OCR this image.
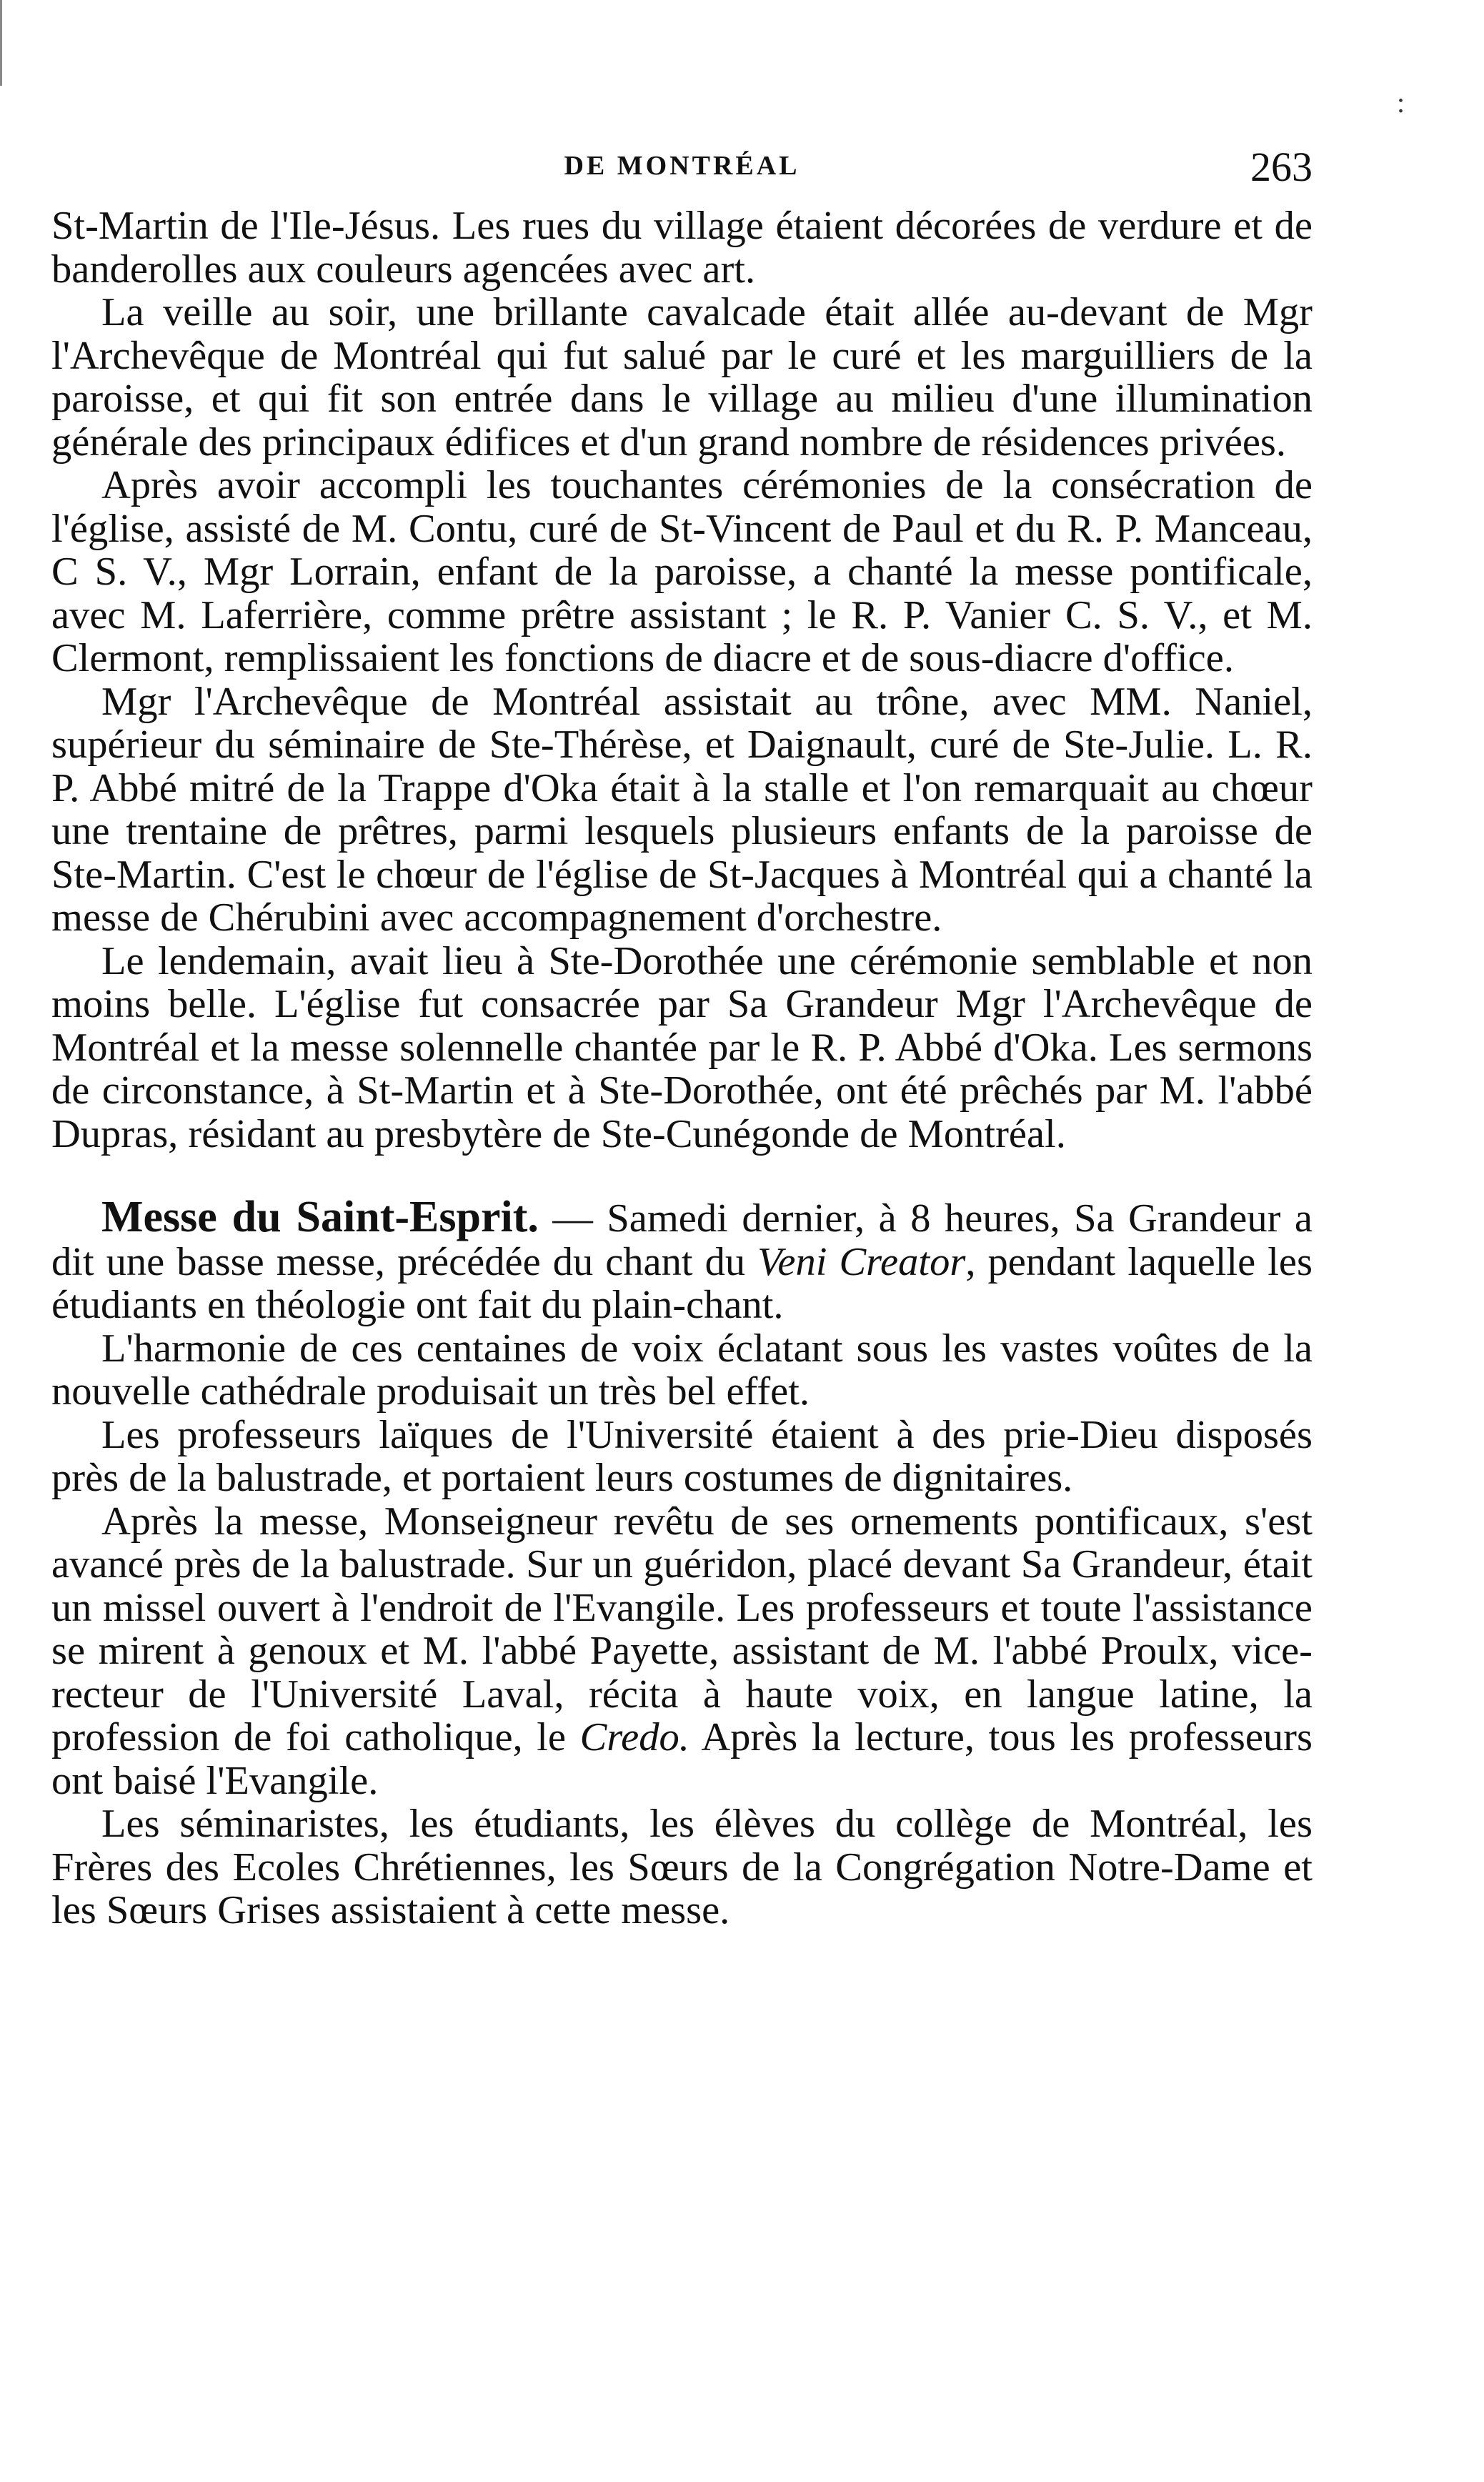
:
DE MONTRÉAL	263

St-Martin de l'Ile-Jésus. Les rues du village étaient décorées de verdure et de banderolles aux couleurs agencées avec art.

La veille au soir, une brillante cavalcade était allée au-devant de Mgr l'Archevêque de Montréal qui fut salué par le curé et les marguilliers de la paroisse, et qui fit son entrée dans le village au milieu d'une illumination générale des principaux édifices et d'un grand nombre de résidences privées.

Après avoir accompli les touchantes cérémonies de la consécration de l'église, assisté de M. Contu, curé de St-Vincent de Paul et du R. P. Manceau, C S. V., Mgr Lorrain, enfant de la paroisse, a chanté la messe pontificale, avec M. Laferrière, comme prêtre assistant ; le R. P. Vanier C. S. V., et M. Clermont, remplissaient les fonctions de diacre et de sous-diacre d'office.

Mgr l'Archevêque de Montréal assistait au trône, avec MM. Naniel, supérieur du séminaire de Ste-Thérèse, et Daignault, curé de Ste-Julie. L. R. P. Abbé mitré de la Trappe d'Oka était à la stalle et l'on remarquait au chœur une trentaine de prêtres, parmi lesquels plusieurs enfants de la paroisse de Ste-Martin. C'est le chœur de l'église de St-Jacques à Montréal qui a chanté la messe de Chérubini avec accompagnement d'orchestre.

Le lendemain, avait lieu à Ste-Dorothée une cérémonie semblable et non moins belle. L'église fut consacrée par Sa Grandeur Mgr l'Archevêque de Montréal et la messe solennelle chantée par le R. P. Abbé d'Oka. Les sermons de circonstance, à St-Martin et à Ste-Dorothée, ont été prêchés par M. l'abbé Dupras, résidant au presbytère de Ste-Cunégonde de Montréal.

Messe du Saint-Esprit. — Samedi dernier, à 8 heures, Sa Grandeur a dit une basse messe, précédée du chant du Veni Creator, pendant laquelle les étudiants en théologie ont fait du plain-chant.

L'harmonie de ces centaines de voix éclatant sous les vastes voûtes de la nouvelle cathédrale produisait un très bel effet.

Les professeurs laïques de l'Université étaient à des prie-Dieu disposés près de la balustrade, et portaient leurs costumes de dignitaires.

Après la messe, Monseigneur revêtu de ses ornements pontificaux, s'est avancé près de la balustrade. Sur un guéridon, placé devant Sa Grandeur, était un missel ouvert à l'endroit de l'Evangile. Les professeurs et toute l'assistance se mirent à genoux et M. l'abbé Payette, assistant de M. l'abbé Proulx, vice-recteur de l'Université Laval, récita à haute voix, en langue latine, la profession de foi catholique, le Credo. Après la lecture, tous les professeurs ont baisé l'Evangile.

Les séminaristes, les étudiants, les élèves du collège de Montréal, les Frères des Ecoles Chrétiennes, les Sœurs de la Congrégation Notre-Dame et les Sœurs Grises assistaient à cette messe.
